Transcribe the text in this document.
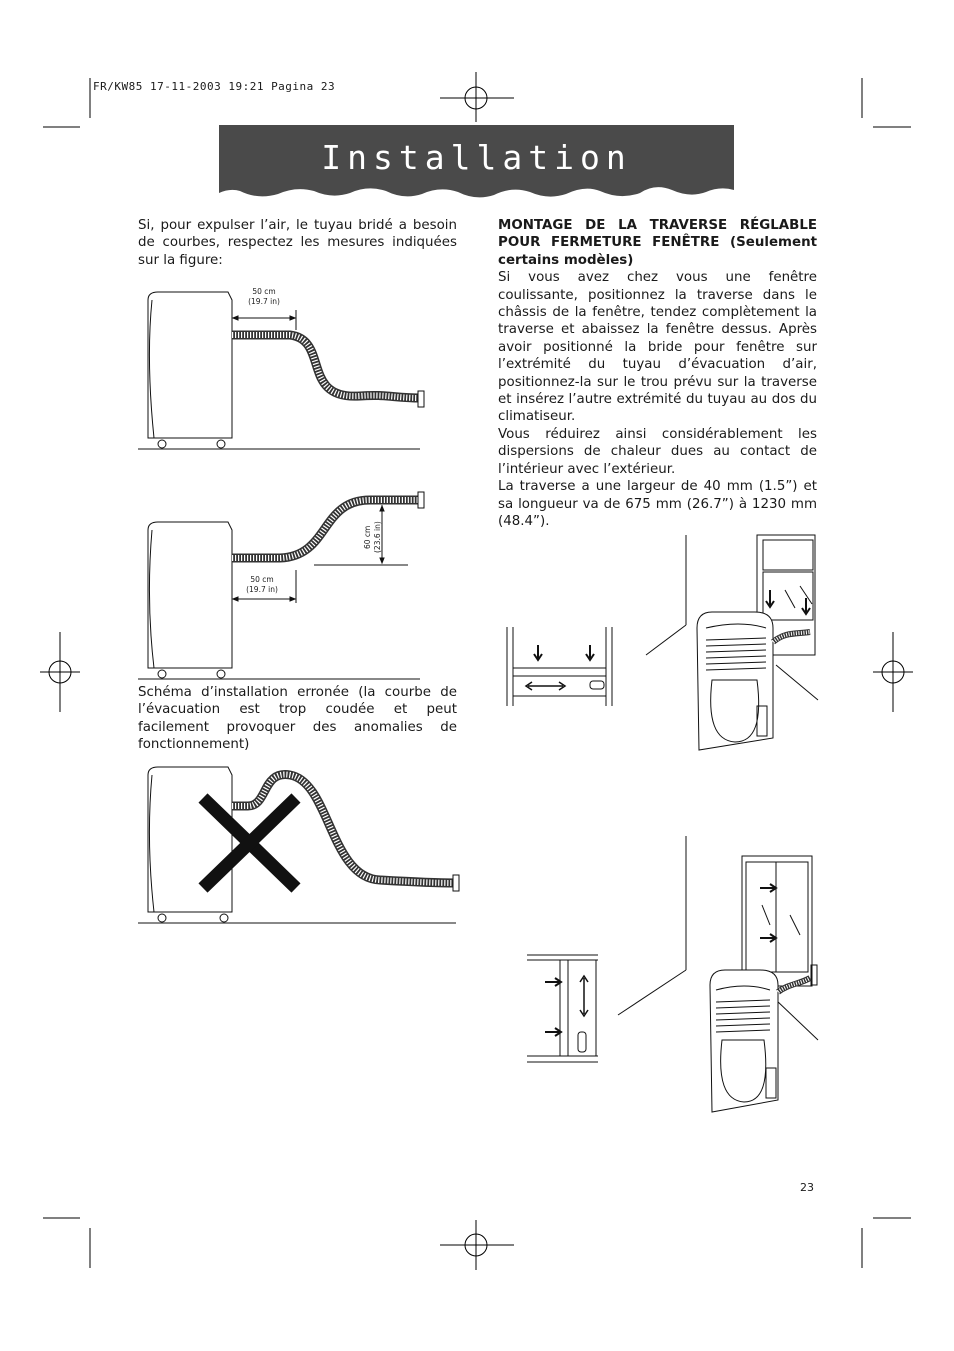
50 cm
(19.7 in)
50 cm
(19.7 in)
60 cm (23.6 in)
FR/KW85 17-11-2003 19:21 Pagina 23
Installation

Si, pour expulser l’air, le tuyau bridé a besoin de courbes, respectez les mesures indiquées sur la figure:

Schéma d’installation erronée (la courbe de l’évacuation est trop coudée et peut facilement provoquer des anomalies de fonctionnement)

MONTAGE DE LA TRAVERSE RÉGLABLE POUR FERMETURE FENÊTRE (Seulement certains modèles)

Si vous avez chez vous une fenêtre coulissante, positionnez la traverse dans le châssis de la fenêtre, tendez complètement la traverse et abaissez la fenêtre dessus. Après avoir positionné la bride pour fenêtre sur l’extrémité du tuyau d’évacuation d’air, positionnez-la sur le trou prévu sur la traverse et insérez l’autre extrémité du tuyau au dos du climatiseur.

Vous réduirez ainsi considérablement les dispersions de chaleur dues au contact de l’intérieur avec l’extérieur.

La traverse a une largeur de 40 mm (1.5”) et sa longueur va de 675 mm (26.7”) à 1230 mm (48.4”).

23
